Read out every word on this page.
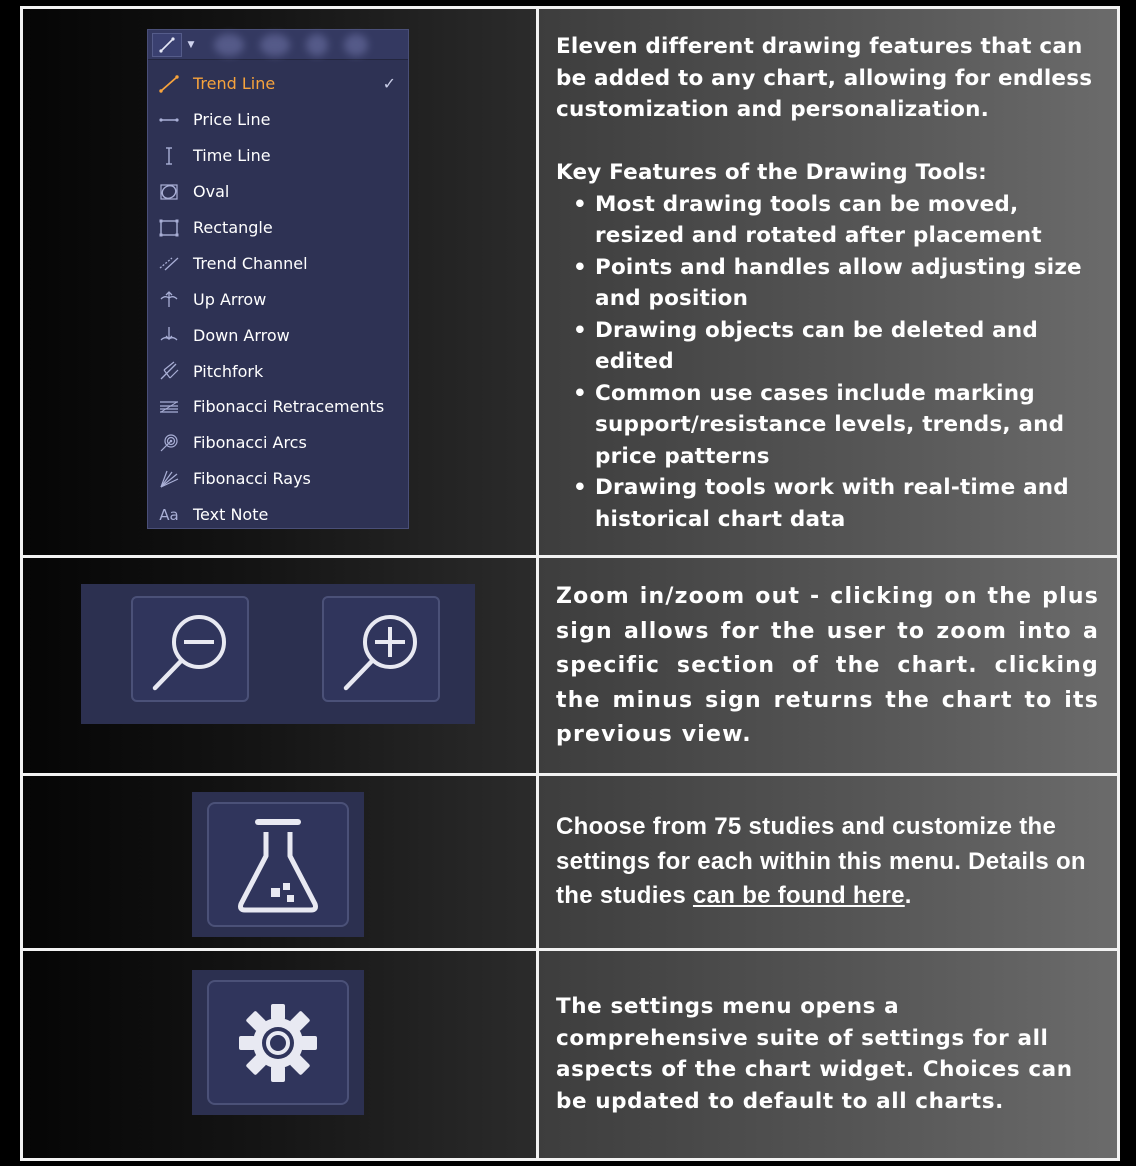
▼
Trend Line	✓
Price Line
Time Line
Oval
Rectangle
Trend Channel
Up Arrow
Down Arrow
Pitchfork
Fibonacci Retracements
Fibonacci Arcs
Fibonacci Rays
Aa Text Note

Eleven different drawing features that can be added to any chart, allowing for endless customization and personalization.

Key Features of the Drawing Tools:

• Most drawing tools can be moved, resized and rotated after placement
• Points and handles allow adjusting size and position
• Drawing objects can be deleted and edited
• Common use cases include marking support/resistance levels, trends, and price patterns
• Drawing tools work with real-time and historical chart data

Zoom in/zoom out - clicking on the plus sign allows for the user to zoom into a specific section of the chart. clicking the minus sign returns the chart to its previous view.

Choose from 75 studies and customize the settings for each within this menu. Details on the studies can be found here.

The settings menu opens a comprehensive suite of settings for all aspects of the chart widget. Choices can be updated to default to all charts.
